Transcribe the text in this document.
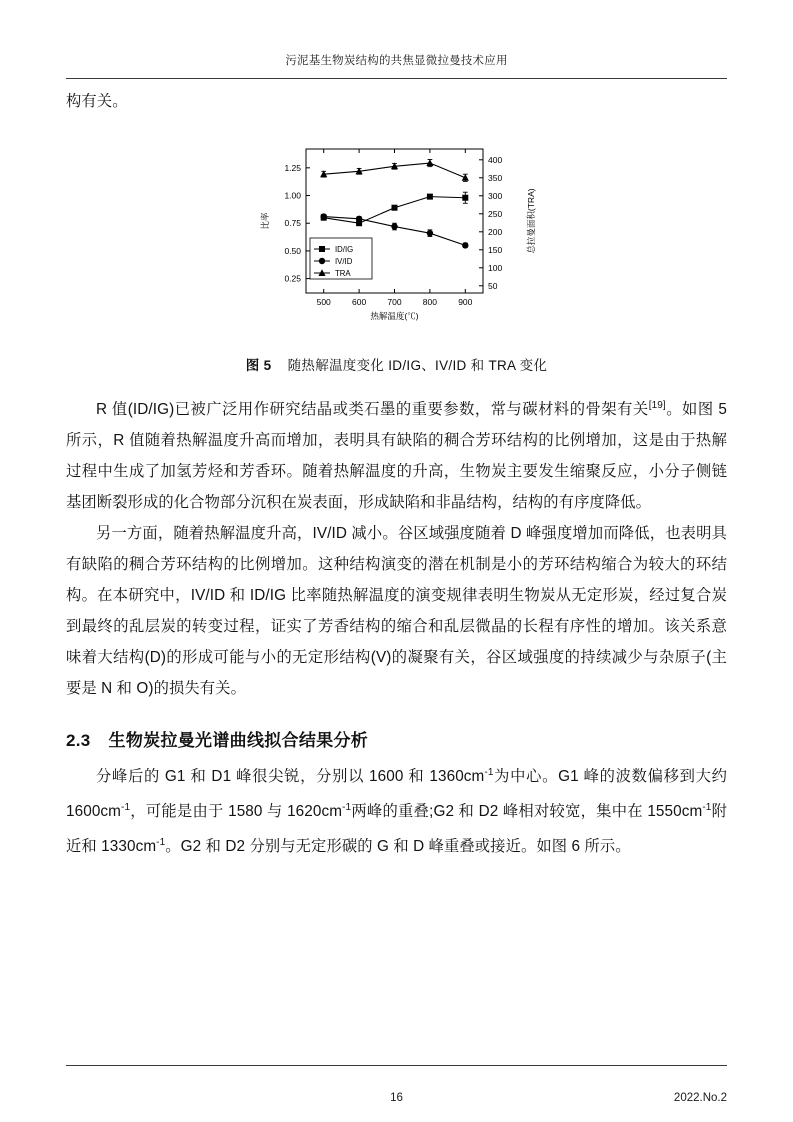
污泥基生物炭结构的共焦显微拉曼技术应用

构有关。

500 600 700 800 900
热解温度(℃)
0.25
0.50
0.75
1.00
1.25
比率
50
100
150
200
250
300
350
400
总拉曼面积(TRA)
ID/IG
IV/ID
TRA
图 5 随热解温度变化 ID/IG、IV/ID 和 TRA 变化

R 值(ID/IG)已被广泛用作研究结晶或类石墨的重要参数，常与碳材料的骨架有关[19]。如图 5 所示，R 值随着热解温度升高而增加，表明具有缺陷的稠合芳环结构的比例增加，这是由于热解过程中生成了加氢芳烃和芳香环。随着热解温度的升高，生物炭主要发生缩聚反应，小分子侧链基团断裂形成的化合物部分沉积在炭表面，形成缺陷和非晶结构，结构的有序度降低。

另一方面，随着热解温度升高，IV/ID 减小。谷区域强度随着 D 峰强度增加而降低，也表明具有缺陷的稠合芳环结构的比例增加。这种结构演变的潜在机制是小的芳环结构缩合为较大的环结构。在本研究中，IV/ID 和 ID/IG 比率随热解温度的演变规律表明生物炭从无定形炭，经过复合炭到最终的乱层炭的转变过程，证实了芳香结构的缩合和乱层微晶的长程有序性的增加。该关系意味着大结构(D)的形成可能与小的无定形结构(V)的凝聚有关，谷区域强度的持续减少与杂原子(主要是 N 和 O)的损失有关。

2.3 生物炭拉曼光谱曲线拟合结果分析

分峰后的 G1 和 D1 峰很尖锐，分别以 1600 和 $1360cm^{-1}$为中心。G1 峰的波数偏移到大约 $1600cm^{-1}$，可能是由于 1580 与 $1620cm^{-1}$两峰的重叠;G2 和 D2 峰相对较宽，集中在 $1550cm^{-1}$附近和 $1330cm^{-1}$。G2 和 D2 分别与无定形碳的 G 和 D 峰重叠或接近。如图 6 所示。

16	2022.No.2
